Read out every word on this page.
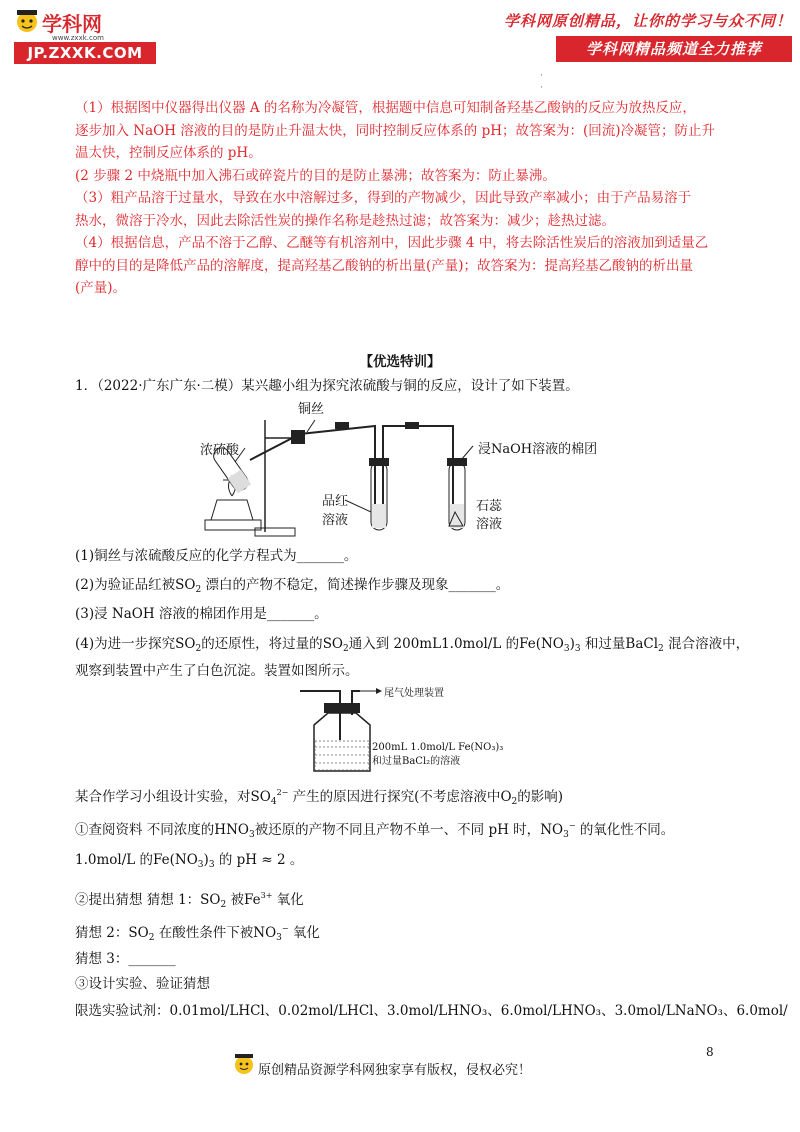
学科网
www.zxxk.com
JP.ZXXK.COM
学科网原创精品，让你的学习与众不同！
学科网精品频道全力推荐
·
·

（1）根据图中仪器得出仪器 A 的名称为冷凝管，根据题中信息可知制备羟基乙酸钠的反应为放热反应，

逐步加入 NaOH 溶液的目的是防止升温太快，同时控制反应体系的 pH；故答案为：(回流)冷凝管；防止升

温太快，控制反应体系的 pH。

(2 步骤 2 中烧瓶中加入沸石或碎瓷片的目的是防止暴沸；故答案为：防止暴沸。

（3）粗产品溶于过量水，导致在水中溶解过多，得到的产物减少，因此导致产率减小；由于产品易溶于

热水，微溶于冷水，因此去除活性炭的操作名称是趁热过滤；故答案为：减少；趁热过滤。

（4）根据信息，产品不溶于乙醇、乙醚等有机溶剂中，因此步骤 4 中，将去除活性炭后的溶液加到适量乙

醇中的目的是降低产品的溶解度，提高羟基乙酸钠的析出量(产量)；故答案为：提高羟基乙酸钠的析出量

(产量)。

【优选特训】
1．（2022·广东广东·二模）某兴趣小组为探究浓硫酸与铜的反应，设计了如下装置。
铜丝
浓硫酸	浸NaOH溶液的棉团
品红
溶液
石蕊
溶液
(1)铜丝与浓硫酸反应的化学方程式为_______。
(2)为验证品红被$SO_2$ 漂白的产物不稳定，简述操作步骤及现象_______。
(3)浸 NaOH 溶液的棉团作用是_______。
(4)为进一步探究$SO_2$的还原性，将过量的$SO_2$通入到 200mL1.0mol/L 的$Fe(NO_3)_3$ 和过量BaCl$_2$ 混合溶液中，
观察到装置中产生了白色沉淀。装置如图所示。
尾气处理装置
200mL 1.0mol/L Fe(NO₃)₃
和过量BaCl₂的溶液
某合作学习小组设计实验，对$SO_4^{2-}$ 产生的原因进行探究(不考虑溶液中$O_2$的影响)
①查阅资料 不同浓度的$HNO_3$被还原的产物不同且产物不单一、不同 pH 时，$NO_3^-$ 的氧化性不同。
1.0mol/L 的$Fe(NO_3)_3$ 的 pH ≈ 2 。
②提出猜想 猜想 1：$SO_2$ 被$Fe^{3+}$ 氧化
猜想 2：$SO_2$ 在酸性条件下被$NO_3^-$ 氧化
猜想 3：_______
③设计实验、验证猜想
限选实验试剂：0.01mol/LHCl、0.02mol/LHCl、3.0mol/LHNO₃、6.0mol/LHNO₃、3.0mol/LNaNO₃、6.0mol/
8
原创精品资源学科网独家享有版权，侵权必究！
